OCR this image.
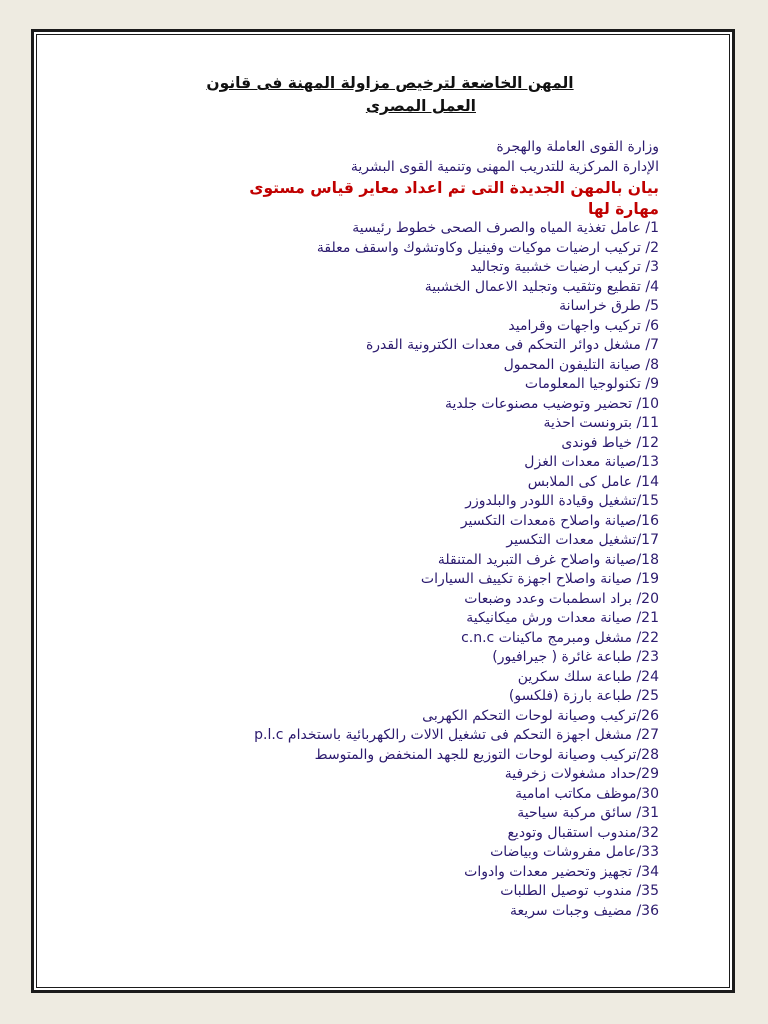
المهن الخاضعة لترخيص مزاولة المهنة فى قانون
العمل المصرى
وزارة القوى العاملة والهجرة
الإدارة المركزية للتدريب المهنى وتنمية القوى البشرية
بيان بالمهن الجديدة التى تم اعداد معاير قياس مستوى
مهارة لها
1/ عامل تغذية المياه والصرف الصحى خطوط رئيسية
2/ تركيب ارضيات موكيات وفينيل وكاوتشوك واسقف معلقة
3/ تركيب ارضيات خشبية وتجاليد
4/ تقطيع وتثقيب وتجليد الاعمال الخشبية
5/ طرق خراسانة
6/ تركيب واجهات وقراميد
7/ مشغل دوائر التحكم فى معدات الكترونية القدرة
8/ صيانة التليفون المحمول
9/ تكنولوجيا المعلومات
10/ تحضير وتوضيب مصنوعات جلدية
11/ بترونست احذية
12/ خياط فوندى
13/صيانة معدات الغزل
14/ عامل كى الملابس
15/تشغيل وقيادة اللودر والبلدوزر
16/صيانة واصلاح ةمعدات التكسير
17/تشغيل معدات التكسير
18/صيانة واصلاح غرف التبريد المتنقلة
19/ صيانة واصلاح اجهزة تكييف السيارات
20/ براد اسطمبات وعدد وضبعات
21/ صيانة معدات ورش ميكانيكية
22/ مشغل ومبرمج ماكينات c.n.c
23/ طباعة غائرة ( جيرافيور)
24/ طباعة سلك سكرين
25/ طباعة بارزة (فلكسو)
26/تركيب وصيانة لوحات التحكم الكهربى
27/ مشغل اجهزة التحكم فى تشغيل الالات رالكهربائية باستخدام p.l.c
28/تركيب وصيانة لوحات التوزيع للجهد المنخفض والمتوسط
29/حداد مشغولات زخرفية
30/موظف مكاتب امامية
31/ سائق مركبة سياحية
32/مندوب استقبال وتوديع
33/عامل مفروشات وبياضات
34/ تجهيز وتحضير معدات وادوات
35/ مندوب توصيل الطلبات
36/ مضيف وجبات سريعة
